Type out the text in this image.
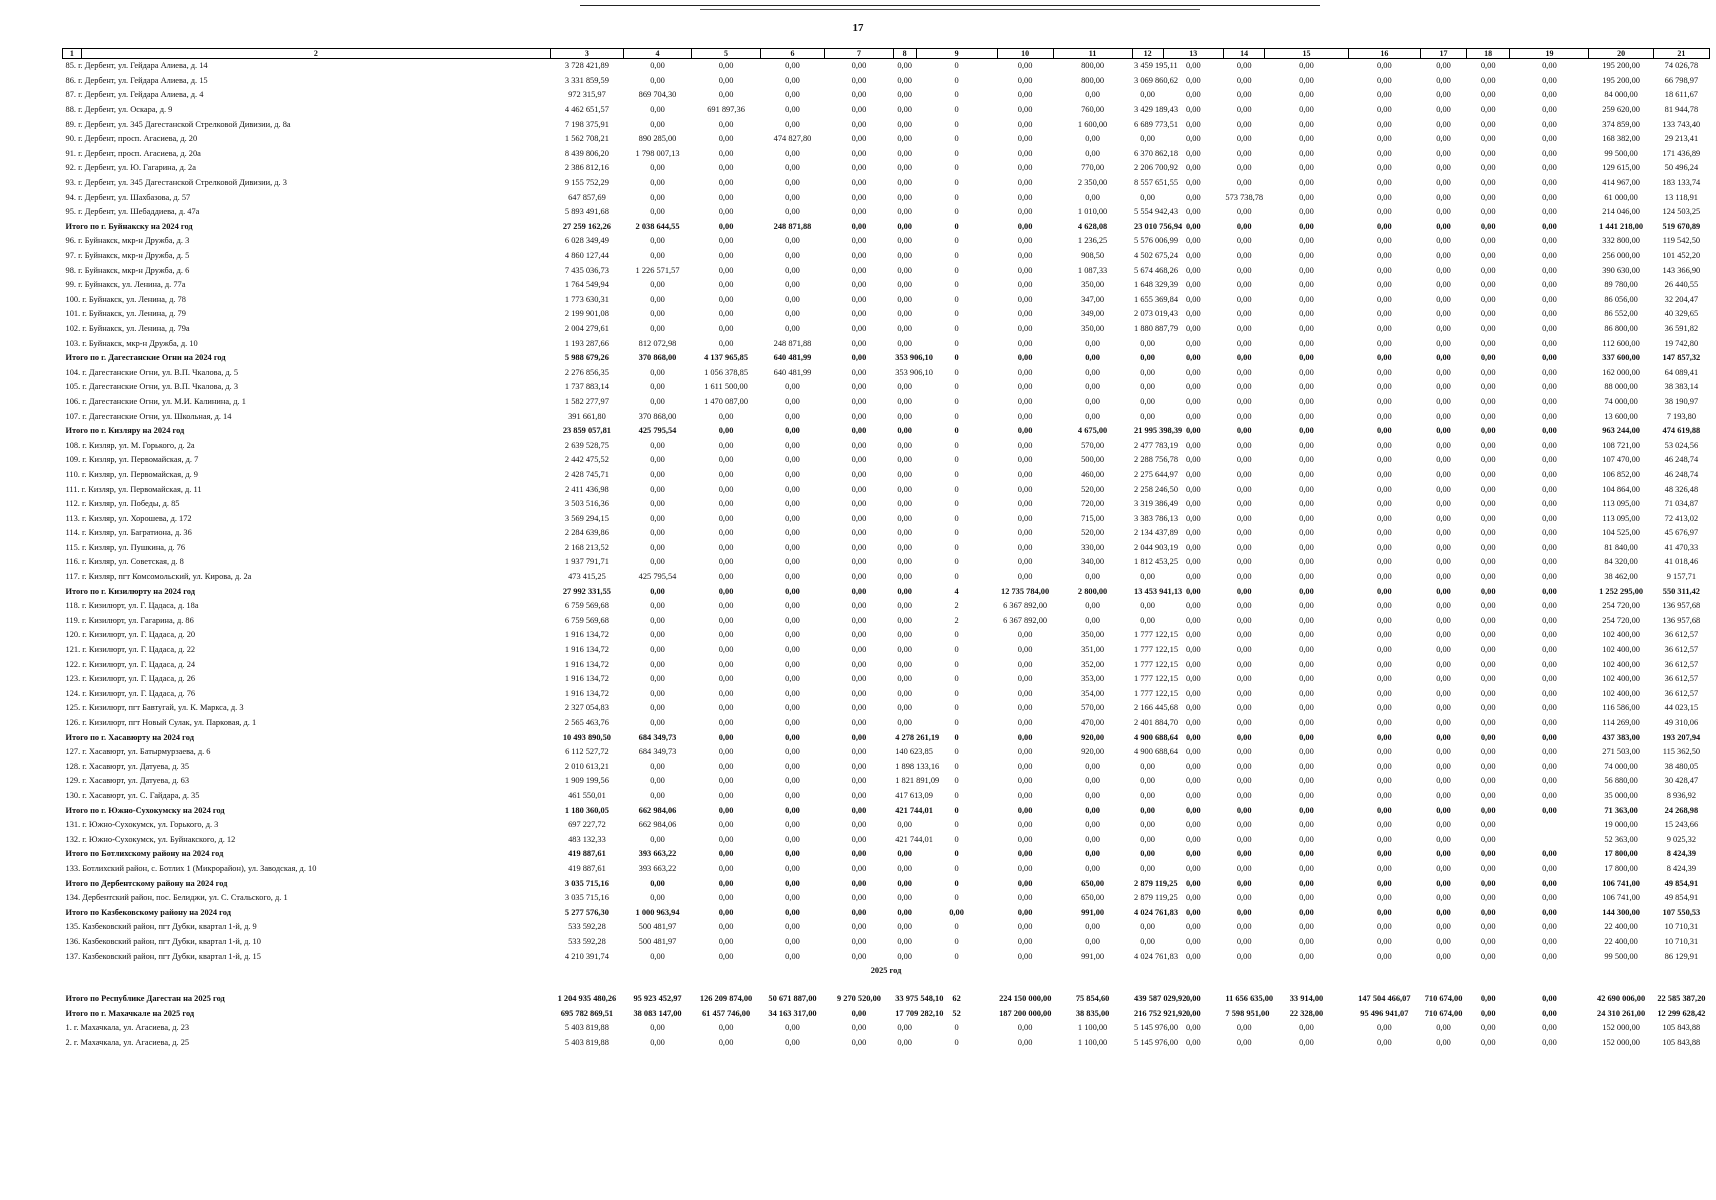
17
1	2	3	4	5	6	7	8	9	10	11	12	13	14	15	16	17	18	19	20	21
85. г. Дербент, ул. Гейдара Алиева, д. 14		3 728 421,89	0,00	0,00	0,00	0,00	0,00	0	0,00	800,00	3 459 195,11	0,00	0,00	0,00	0,00	0,00	0,00	0,00	195 200,00	74 026,78
86. г. Дербент, ул. Гейдара Алиева, д. 15		3 331 859,59	0,00	0,00	0,00	0,00	0,00	0	0,00	800,00	3 069 860,62	0,00	0,00	0,00	0,00	0,00	0,00	0,00	195 200,00	66 798,97
87. г. Дербент, ул. Гейдара Алиева, д. 4		972 315,97	869 704,30	0,00	0,00	0,00	0,00	0	0,00	0,00	0,00	0,00	0,00	0,00	0,00	0,00	0,00	0,00	84 000,00	18 611,67
88. г. Дербент, ул. Оскара, д. 9		4 462 651,57	0,00	691 897,36	0,00	0,00	0,00	0	0,00	760,00	3 429 189,43	0,00	0,00	0,00	0,00	0,00	0,00	0,00	259 620,00	81 944,78
89. г. Дербент, ул. 345 Дагестанской Стрелковой Дивизии, д. 8а		7 198 375,91	0,00	0,00	0,00	0,00	0,00	0	0,00	1 600,00	6 689 773,51	0,00	0,00	0,00	0,00	0,00	0,00	0,00	374 859,00	133 743,40
90. г. Дербент, просп. Агасиева, д. 20		1 562 708,21	890 285,00	0,00	474 827,80	0,00	0,00	0	0,00	0,00	0,00	0,00	0,00	0,00	0,00	0,00	0,00	0,00	168 382,00	29 213,41
91. г. Дербент, просп. Агасиева, д. 20а		8 439 806,20	1 798 007,13	0,00	0,00	0,00	0,00	0	0,00	0,00	6 370 862,18	0,00	0,00	0,00	0,00	0,00	0,00	0,00	99 500,00	171 436,89
92. г. Дербент, ул. Ю. Гагарина, д. 2а		2 386 812,16	0,00	0,00	0,00	0,00	0,00	0	0,00	770,00	2 206 700,92	0,00	0,00	0,00	0,00	0,00	0,00	0,00	129 615,00	50 496,24
93. г. Дербент, ул. 345 Дагестанской Стрелковой Дивизии, д. 3		9 155 752,29	0,00	0,00	0,00	0,00	0,00	0	0,00	2 350,00	8 557 651,55	0,00	0,00	0,00	0,00	0,00	0,00	0,00	414 967,00	183 133,74
94. г. Дербент, ул. Шахбазова, д. 57		647 857,69	0,00	0,00	0,00	0,00	0,00	0	0,00	0,00	0,00	0,00	573 738,78	0,00	0,00	0,00	0,00	0,00	61 000,00	13 118,91
95. г. Дербент, ул. Шебаддиева, д. 47а		5 893 491,68	0,00	0,00	0,00	0,00	0,00	0	0,00	1 010,00	5 554 942,43	0,00	0,00	0,00	0,00	0,00	0,00	0,00	214 046,00	124 503,25
Итого по г. Буйнакску на 2024 год		27 259 162,26	2 038 644,55	0,00	248 871,88	0,00	0,00	0	0,00	4 628,08	23 010 756,94	0,00	0,00	0,00	0,00	0,00	0,00	0,00	1 441 218,00	519 670,89
96. г. Буйнакск, мкр-н Дружба, д. 3		6 028 349,49	0,00	0,00	0,00	0,00	0,00	0	0,00	1 236,25	5 576 006,99	0,00	0,00	0,00	0,00	0,00	0,00	0,00	332 800,00	119 542,50
97. г. Буйнакск, мкр-н Дружба, д. 5		4 860 127,44	0,00	0,00	0,00	0,00	0,00	0	0,00	908,50	4 502 675,24	0,00	0,00	0,00	0,00	0,00	0,00	0,00	256 000,00	101 452,20
98. г. Буйнакск, мкр-н Дружба, д. 6		7 435 036,73	1 226 571,57	0,00	0,00	0,00	0,00	0	0,00	1 087,33	5 674 468,26	0,00	0,00	0,00	0,00	0,00	0,00	0,00	390 630,00	143 366,90
99. г. Буйнакск, ул. Ленина, д. 77а		1 764 549,94	0,00	0,00	0,00	0,00	0,00	0	0,00	350,00	1 648 329,39	0,00	0,00	0,00	0,00	0,00	0,00	0,00	89 780,00	26 440,55
100. г. Буйнакск, ул. Ленина, д. 78		1 773 630,31	0,00	0,00	0,00	0,00	0,00	0	0,00	347,00	1 655 369,84	0,00	0,00	0,00	0,00	0,00	0,00	0,00	86 056,00	32 204,47
101. г. Буйнакск, ул. Ленина, д. 79		2 199 901,08	0,00	0,00	0,00	0,00	0,00	0	0,00	349,00	2 073 019,43	0,00	0,00	0,00	0,00	0,00	0,00	0,00	86 552,00	40 329,65
102. г. Буйнакск, ул. Ленина, д. 79а		2 004 279,61	0,00	0,00	0,00	0,00	0,00	0	0,00	350,00	1 880 887,79	0,00	0,00	0,00	0,00	0,00	0,00	0,00	86 800,00	36 591,82
103. г. Буйнакск, мкр-н Дружба, д. 10		1 193 287,66	812 072,98	0,00	248 871,88	0,00	0,00	0	0,00	0,00	0,00	0,00	0,00	0,00	0,00	0,00	0,00	0,00	112 600,00	19 742,80
Итого по г. Дагестанские Огни на 2024 год		5 988 679,26	370 868,00	4 137 965,85	640 481,99	0,00	353 906,10	0	0,00	0,00	0,00	0,00	0,00	0,00	0,00	0,00	0,00	0,00	337 600,00	147 857,32
104. г. Дагестанские Огни, ул. В.П. Чкалова, д. 5		2 276 856,35	0,00	1 056 378,85	640 481,99	0,00	353 906,10	0	0,00	0,00	0,00	0,00	0,00	0,00	0,00	0,00	0,00	0,00	162 000,00	64 089,41
105. г. Дагестанские Огни, ул. В.П. Чкалова, д. 3		1 737 883,14	0,00	1 611 500,00	0,00	0,00	0,00	0	0,00	0,00	0,00	0,00	0,00	0,00	0,00	0,00	0,00	0,00	88 000,00	38 383,14
106. г. Дагестанские Огни, ул. М.И. Калинина, д. 1		1 582 277,97	0,00	1 470 087,00	0,00	0,00	0,00	0	0,00	0,00	0,00	0,00	0,00	0,00	0,00	0,00	0,00	0,00	74 000,00	38 190,97
107. г. Дагестанские Огни, ул. Школьная, д. 14		391 661,80	370 868,00	0,00	0,00	0,00	0,00	0	0,00	0,00	0,00	0,00	0,00	0,00	0,00	0,00	0,00	0,00	13 600,00	7 193,80
Итого по г. Кизляру на 2024 год		23 859 057,81	425 795,54	0,00	0,00	0,00	0,00	0	0,00	4 675,00	21 995 398,39	0,00	0,00	0,00	0,00	0,00	0,00	0,00	963 244,00	474 619,88
108. г. Кизляр, ул. М. Горького, д. 2а		2 639 528,75	0,00	0,00	0,00	0,00	0,00	0	0,00	570,00	2 477 783,19	0,00	0,00	0,00	0,00	0,00	0,00	0,00	108 721,00	53 024,56
109. г. Кизляр, ул. Первомайская, д. 7		2 442 475,52	0,00	0,00	0,00	0,00	0,00	0	0,00	500,00	2 288 756,78	0,00	0,00	0,00	0,00	0,00	0,00	0,00	107 470,00	46 248,74
110. г. Кизляр, ул. Первомайская, д. 9		2 428 745,71	0,00	0,00	0,00	0,00	0,00	0	0,00	460,00	2 275 644,97	0,00	0,00	0,00	0,00	0,00	0,00	0,00	106 852,00	46 248,74
111. г. Кизляр, ул. Первомайская, д. 11		2 411 436,98	0,00	0,00	0,00	0,00	0,00	0	0,00	520,00	2 258 246,50	0,00	0,00	0,00	0,00	0,00	0,00	0,00	104 864,00	48 326,48
112. г. Кизляр, ул. Победы, д. 85		3 503 516,36	0,00	0,00	0,00	0,00	0,00	0	0,00	720,00	3 319 386,49	0,00	0,00	0,00	0,00	0,00	0,00	0,00	113 095,00	71 034,87
113. г. Кизляр, ул. Хорошева, д. 172		3 569 294,15	0,00	0,00	0,00	0,00	0,00	0	0,00	715,00	3 383 786,13	0,00	0,00	0,00	0,00	0,00	0,00	0,00	113 095,00	72 413,02
114. г. Кизляр, ул. Багратиона, д. 36		2 284 639,86	0,00	0,00	0,00	0,00	0,00	0	0,00	520,00	2 134 437,89	0,00	0,00	0,00	0,00	0,00	0,00	0,00	104 525,00	45 676,97
115. г. Кизляр, ул. Пушкина, д. 76		2 168 213,52	0,00	0,00	0,00	0,00	0,00	0	0,00	330,00	2 044 903,19	0,00	0,00	0,00	0,00	0,00	0,00	0,00	81 840,00	41 470,33
116. г. Кизляр, ул. Советская, д. 8		1 937 791,71	0,00	0,00	0,00	0,00	0,00	0	0,00	340,00	1 812 453,25	0,00	0,00	0,00	0,00	0,00	0,00	0,00	84 320,00	41 018,46
117. г. Кизляр, пгт Комсомольский, ул. Кирова, д. 2а		473 415,25	425 795,54	0,00	0,00	0,00	0,00	0	0,00	0,00	0,00	0,00	0,00	0,00	0,00	0,00	0,00	0,00	38 462,00	9 157,71
Итого по г. Кизилюрту на 2024 год		27 992 331,55	0,00	0,00	0,00	0,00	0,00	4	12 735 784,00	2 800,00	13 453 941,13	0,00	0,00	0,00	0,00	0,00	0,00	0,00	1 252 295,00	550 311,42
118. г. Кизилюрт, ул. Г. Цадаса, д. 18а		6 759 569,68	0,00	0,00	0,00	0,00	0,00	2	6 367 892,00	0,00	0,00	0,00	0,00	0,00	0,00	0,00	0,00	0,00	254 720,00	136 957,68
119. г. Кизилюрт, ул. Гагарина, д. 86		6 759 569,68	0,00	0,00	0,00	0,00	0,00	2	6 367 892,00	0,00	0,00	0,00	0,00	0,00	0,00	0,00	0,00	0,00	254 720,00	136 957,68
120. г. Кизилюрт, ул. Г. Цадаса, д. 20		1 916 134,72	0,00	0,00	0,00	0,00	0,00	0	0,00	350,00	1 777 122,15	0,00	0,00	0,00	0,00	0,00	0,00	0,00	102 400,00	36 612,57
121. г. Кизилюрт, ул. Г. Цадаса, д. 22		1 916 134,72	0,00	0,00	0,00	0,00	0,00	0	0,00	351,00	1 777 122,15	0,00	0,00	0,00	0,00	0,00	0,00	0,00	102 400,00	36 612,57
122. г. Кизилюрт, ул. Г. Цадаса, д. 24		1 916 134,72	0,00	0,00	0,00	0,00	0,00	0	0,00	352,00	1 777 122,15	0,00	0,00	0,00	0,00	0,00	0,00	0,00	102 400,00	36 612,57
123. г. Кизилюрт, ул. Г. Цадаса, д. 26		1 916 134,72	0,00	0,00	0,00	0,00	0,00	0	0,00	353,00	1 777 122,15	0,00	0,00	0,00	0,00	0,00	0,00	0,00	102 400,00	36 612,57
124. г. Кизилюрт, ул. Г. Цадаса, д. 76		1 916 134,72	0,00	0,00	0,00	0,00	0,00	0	0,00	354,00	1 777 122,15	0,00	0,00	0,00	0,00	0,00	0,00	0,00	102 400,00	36 612,57
125. г. Кизилюрт, пгт Бавтугай, ул. К. Маркса, д. 3		2 327 054,83	0,00	0,00	0,00	0,00	0,00	0	0,00	570,00	2 166 445,68	0,00	0,00	0,00	0,00	0,00	0,00	0,00	116 586,00	44 023,15
126. г. Кизилюрт, пгт Новый Сулак, ул. Парковая, д. 1		2 565 463,76	0,00	0,00	0,00	0,00	0,00	0	0,00	470,00	2 401 884,70	0,00	0,00	0,00	0,00	0,00	0,00	0,00	114 269,00	49 310,06
Итого по г. Хасавюрту на 2024 год		10 493 890,50	684 349,73	0,00	0,00	0,00	4 278 261,19	0	0,00	920,00	4 900 688,64	0,00	0,00	0,00	0,00	0,00	0,00	0,00	437 383,00	193 207,94
127. г. Хасавюрт, ул. Батырмурзаева, д. 6		6 112 527,72	684 349,73	0,00	0,00	0,00	140 623,85	0	0,00	920,00	4 900 688,64	0,00	0,00	0,00	0,00	0,00	0,00	0,00	271 503,00	115 362,50
128. г. Хасавюрт, ул. Датуева, д. 35		2 010 613,21	0,00	0,00	0,00	0,00	1 898 133,16	0	0,00	0,00	0,00	0,00	0,00	0,00	0,00	0,00	0,00	0,00	74 000,00	38 480,05
129. г. Хасавюрт, ул. Датуева, д. 63		1 909 199,56	0,00	0,00	0,00	0,00	1 821 891,09	0	0,00	0,00	0,00	0,00	0,00	0,00	0,00	0,00	0,00	0,00	56 880,00	30 428,47
130. г. Хасавюрт, ул. С. Гайдара, д. 35		461 550,01	0,00	0,00	0,00	0,00	417 613,09	0	0,00	0,00	0,00	0,00	0,00	0,00	0,00	0,00	0,00	0,00	35 000,00	8 936,92
Итого по г. Южно-Сухокумску на 2024 год		1 180 360,05	662 984,06	0,00	0,00	0,00	421 744,01	0	0,00	0,00	0,00	0,00	0,00	0,00	0,00	0,00	0,00	0,00	71 363,00	24 268,98
131. г. Южно-Сухокумск, ул. Горького, д. 3		697 227,72	662 984,06	0,00	0,00	0,00	0,00	0	0,00	0,00	0,00	0,00	0,00	0,00	0,00	0,00	0,00		19 000,00	15 243,66
132. г. Южно-Сухокумск, ул. Буйнакского, д. 12		483 132,33	0,00	0,00	0,00	0,00	421 744,01	0	0,00	0,00	0,00	0,00	0,00	0,00	0,00	0,00	0,00		52 363,00	9 025,32
Итого по Ботлихскому району на 2024 год		419 887,61	393 663,22	0,00	0,00	0,00	0,00	0	0,00	0,00	0,00	0,00	0,00	0,00	0,00	0,00	0,00	0,00	17 800,00	8 424,39
133. Ботлихский район, с. Ботлих 1 (Микрорайон), ул. Заводская, д. 10		419 887,61	393 663,22	0,00	0,00	0,00	0,00	0	0,00	0,00	0,00	0,00	0,00	0,00	0,00	0,00	0,00	0,00	17 800,00	8 424,39
Итого по Дербентскому району на 2024 год		3 035 715,16	0,00	0,00	0,00	0,00	0,00	0	0,00	650,00	2 879 119,25	0,00	0,00	0,00	0,00	0,00	0,00	0,00	106 741,00	49 854,91
134. Дербентский район, пос. Белиджи, ул. С. Стальского, д. 1		3 035 715,16	0,00	0,00	0,00	0,00	0,00	0	0,00	650,00	2 879 119,25	0,00	0,00	0,00	0,00	0,00	0,00	0,00	106 741,00	49 854,91
Итого по Казбековскому району на 2024 год		5 277 576,30	1 000 963,94	0,00	0,00	0,00	0,00	0,00	0,00	991,00	4 024 761,83	0,00	0,00	0,00	0,00	0,00	0,00	0,00	144 300,00	107 550,53
135. Казбековский район, пгт Дубки, квартал 1-й, д. 9		533 592,28	500 481,97	0,00	0,00	0,00	0,00	0	0,00	0,00	0,00	0,00	0,00	0,00	0,00	0,00	0,00	0,00	22 400,00	10 710,31
136. Казбековский район, пгт Дубки, квартал 1-й, д. 10		533 592,28	500 481,97	0,00	0,00	0,00	0,00	0	0,00	0,00	0,00	0,00	0,00	0,00	0,00	0,00	0,00	0,00	22 400,00	10 710,31
137. Казбековский район, пгт Дубки, квартал 1-й, д. 15		4 210 391,74	0,00	0,00	0,00	0,00	0,00	0	0,00	991,00	4 024 761,83	0,00	0,00	0,00	0,00	0,00	0,00	0,00	99 500,00	86 129,91
2025 год																				

Итого по Республике Дагестан на 2025 год		1 204 935 480,26	95 923 452,97	126 209 874,00	50 671 887,00	9 270 520,00	33 975 548,10	62	224 150 000,00	75 854,60	439 587 029,92	0,00	11 656 635,00	33 914,00	147 504 466,07	710 674,00	0,00	0,00	42 690 006,00	22 585 387,20
Итого по г. Махачкале на 2025 год		695 782 869,51	38 083 147,00	61 457 746,00	34 163 317,00	0,00	17 709 282,10	52	187 200 000,00	38 835,00	216 752 921,92	0,00	7 598 951,00	22 328,00	95 496 941,07	710 674,00	0,00	0,00	24 310 261,00	12 299 628,42
1. г. Махачкала, ул. Агасиева, д. 23		5 403 819,88	0,00	0,00	0,00	0,00	0,00	0	0,00	1 100,00	5 145 976,00	0,00	0,00	0,00	0,00	0,00	0,00	0,00	152 000,00	105 843,88
2. г. Махачкала, ул. Агасиева, д. 25		5 403 819,88	0,00	0,00	0,00	0,00	0,00	0	0,00	1 100,00	5 145 976,00	0,00	0,00	0,00	0,00	0,00	0,00	0,00	152 000,00	105 843,88
